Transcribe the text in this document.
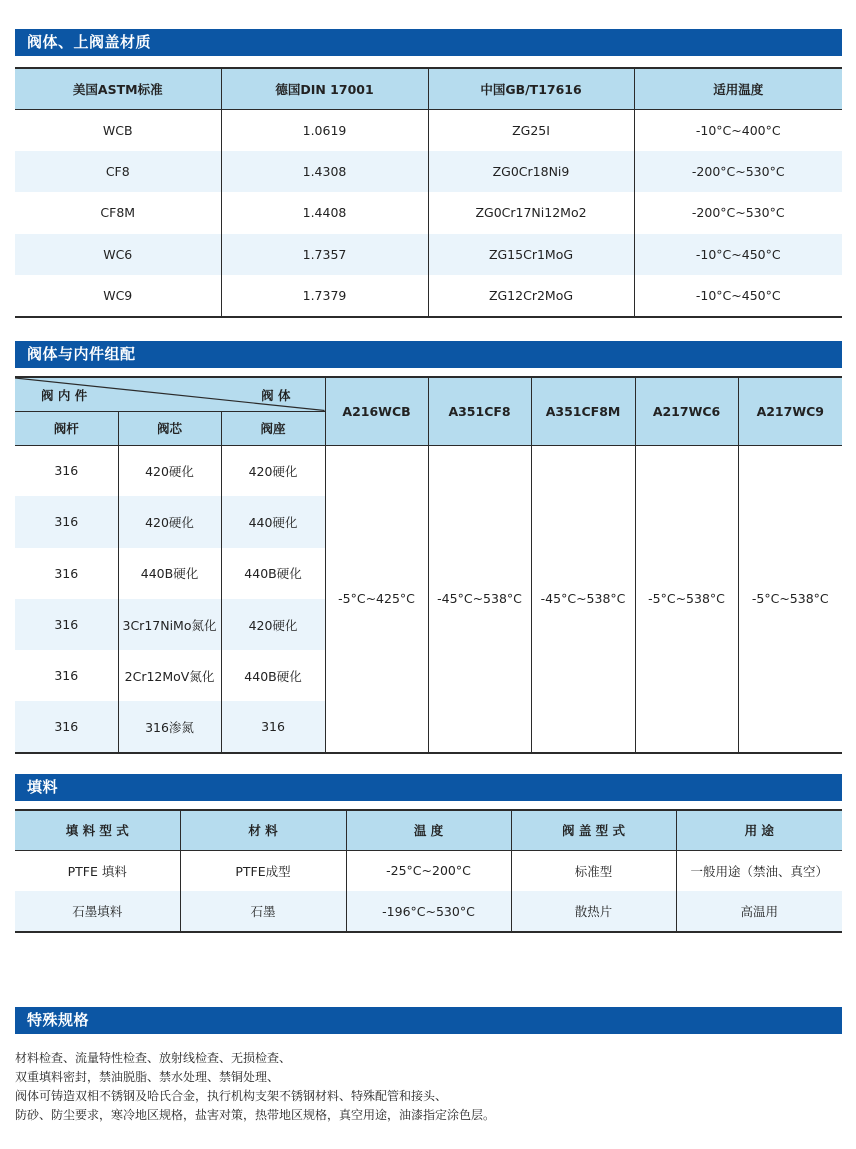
阀体、上阀盖材质
美国ASTM标准	德国DIN 17001	中国GB/T17616	适用温度
WCB	1.0619	ZG25I	-10°C~400°C
CF8	1.4308	ZG0Cr18Ni9	-200°C~530°C
CF8M	1.4408	ZG0Cr17Ni12Mo2	-200°C~530°C
WC6	1.7357	ZG15Cr1MoG	-10°C~450°C
WC9	1.7379	ZG12Cr2MoG	-10°C~450°C
阀体与内件组配
阀 内 件 阀 体			A216WCB	A351CF8	A351CF8M	A217WC6	A217WC9
阀杆	阀芯	阀座					
316	420硬化	420硬化	-5°C~425°C	-45°C~538°C	-45°C~538°C	-5°C~538°C	-5°C~538°C
316	420硬化	440硬化					
316	440B硬化	440B硬化					
316	3Cr17NiMo氮化	420硬化					
316	2Cr12MoV氮化	440B硬化					
316	316渗氮	316					
填料
填 料 型 式	材 料	温 度	阀 盖 型 式	用 途
PTFE 填料	PTFE成型	-25°C~200°C	标准型	一般用途（禁油、真空）
石墨填料	石墨	-196°C~530°C	散热片	高温用
特殊规格
材料检查、流量特性检查、放射线检查、无损检查、
双重填料密封，禁油脱脂、禁水处理、禁铜处理、
阀体可铸造双相不锈钢及哈氏合金，执行机构支架不锈钢材料、特殊配管和接头、
防砂、防尘要求，寒冷地区规格，盐害对策，热带地区规格，真空用途，油漆指定涂色层。
